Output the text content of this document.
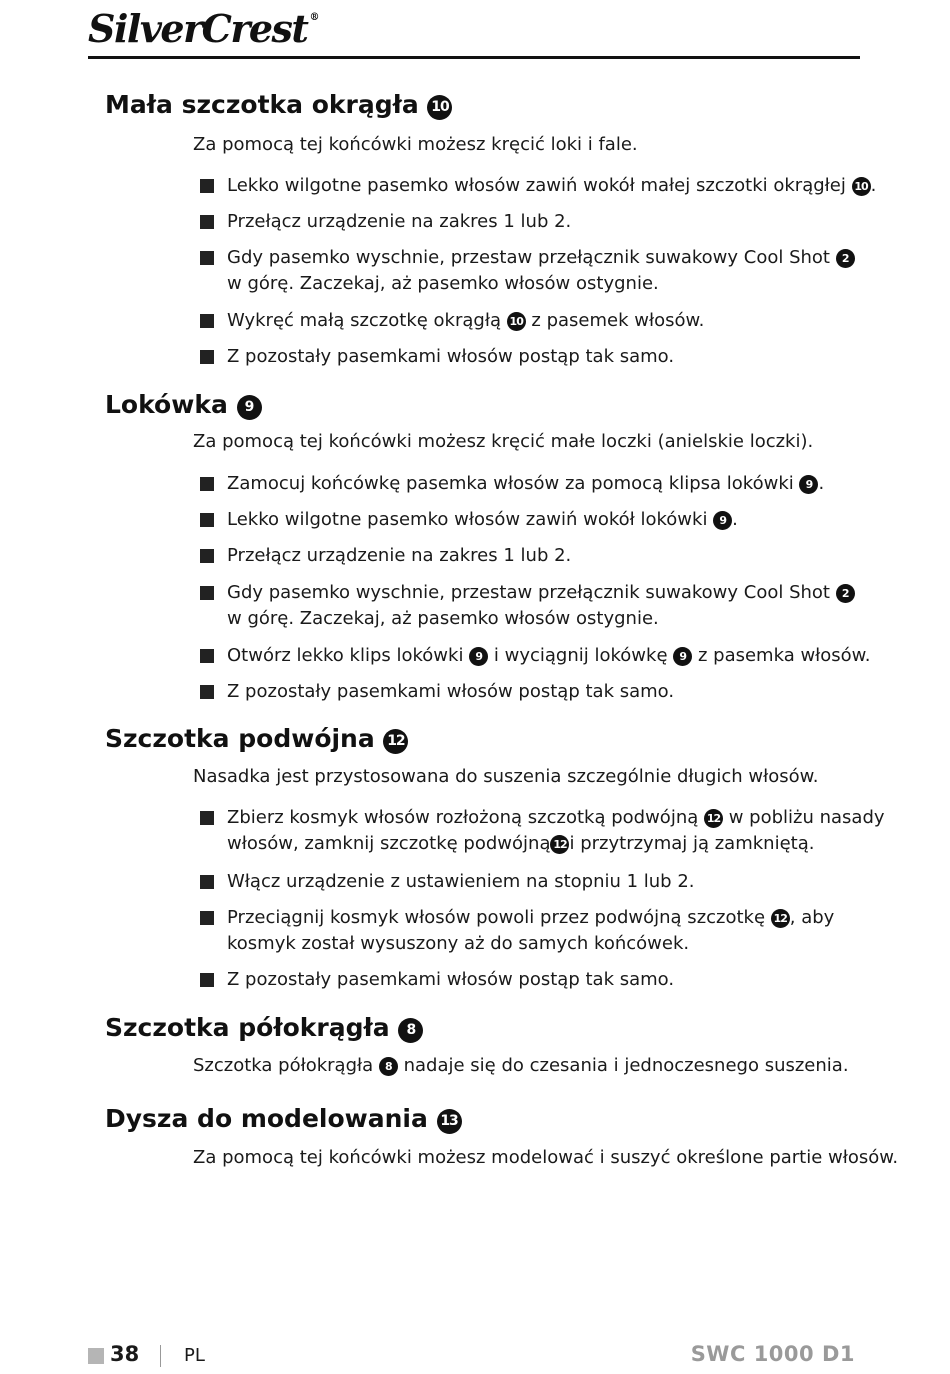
SilverCrest ®
Mała szczotka okrągła 10

Za pomocą tej końcówki możesz kręcić loki i fale.

Lekko wilgotne pasemko włosów zawiń wokół małej szczotki okrągłej 10 .
Przełącz urządzenie na zakres 1 lub 2.
Gdy pasemko wyschnie, przestaw przełącznik suwakowy Cool Shot 2
w górę. Zaczekaj, aż pasemko włosów ostygnie.
Wykręć małą szczotkę okrągłą 10 z pasemek włosów.
Z pozostały pasemkami włosów postąp tak samo.
Lokówka 9

Za pomocą tej końcówki możesz kręcić małe loczki (anielskie loczki).

Zamocuj końcówkę pasemka włosów za pomocą klipsa lokówki 9 .
Lekko wilgotne pasemko włosów zawiń wokół lokówki 9 .
Przełącz urządzenie na zakres 1 lub 2.
Gdy pasemko wyschnie, przestaw przełącznik suwakowy Cool Shot 2
w górę. Zaczekaj, aż pasemko włosów ostygnie.
Otwórz lekko klips lokówki 9 i wyciągnij lokówkę 9 z pasemka włosów.
Z pozostały pasemkami włosów postąp tak samo.
Szczotka podwójna 12

Nasadka jest przystosowana do suszenia szczególnie długich włosów.

Zbierz kosmyk włosów rozłożoną szczotką podwójną 12 w pobliżu nasady
włosów, zamknij szczotkę podwójną 12 i przytrzymaj ją zamkniętą.
Włącz urządzenie z ustawieniem na stopniu 1 lub 2.
Przeciągnij kosmyk włosów powoli przez podwójną szczotkę 12 , aby
kosmyk został wysuszony aż do samych końcówek.
Z pozostały pasemkami włosów postąp tak samo.
Szczotka półokrągła 8

Szczotka półokrągła 8 nadaje się do czesania i jednoczesnego suszenia.

Dysza do modelowania 13

Za pomocą tej końcówki możesz modelować i suszyć określone partie włosów.

38 PL	SWC 1000 D1
